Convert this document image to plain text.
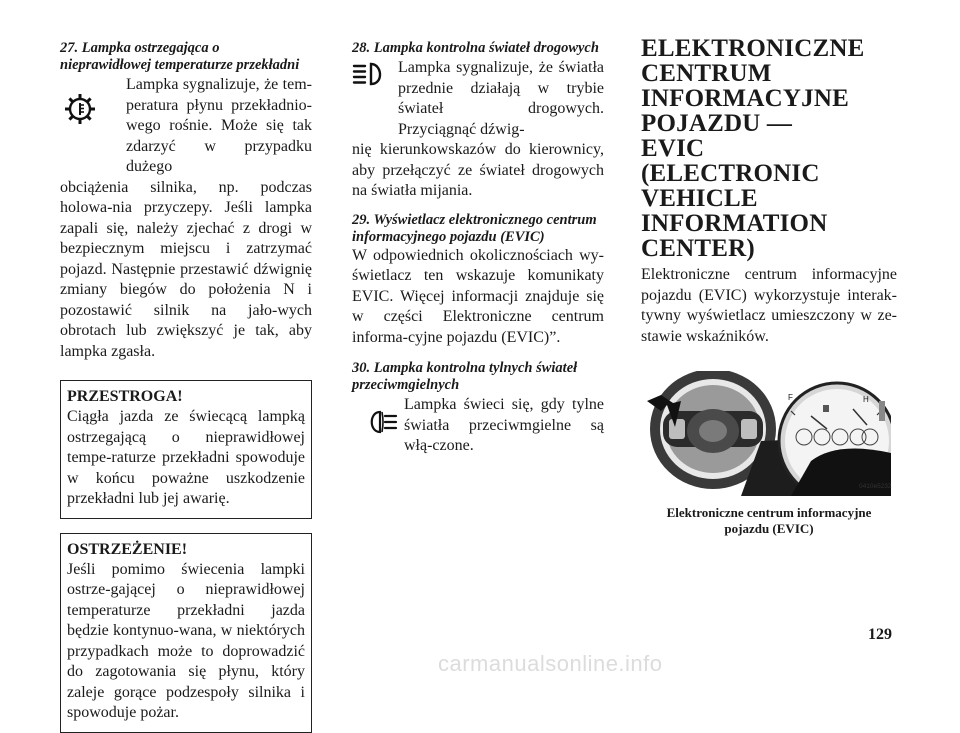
27. Lampka ostrzegająca o nieprawidłowej temperaturze przekładni

Lampka sygnalizuje, że tem-peratura płynu przekładnio-wego rośnie. Może się tak zdarzyć w przypadku dużego

obciążenia silnika, np. podczas holowa-nia przyczepy. Jeśli lampka zapali się, należy zjechać z drogi w bezpiecznym miejscu i zatrzymać pojazd. Następnie przestawić dźwignię zmiany biegów do położenia N i pozostawić silnik na jało-wych obrotach lub zwiększyć je tak, aby lampka zgasła.

PRZESTROGA!

Ciągła jazda ze świecącą lampką ostrzegającą o nieprawidłowej tempe-raturze przekładni spowoduje w końcu poważne uszkodzenie przekładni lub jej awarię.

OSTRZEŻENIE!

Jeśli pomimo świecenia lampki ostrze-gającej o nieprawidłowej temperaturze przekładni jazda będzie kontynuo-wana, w niektórych przypadkach może to doprowadzić do zagotowania się płynu, który zaleje gorące podzespoły silnika i spowoduje pożar.

28. Lampka kontrolna świateł drogowych

Lampka sygnalizuje, że światła przednie działają w trybie świateł drogowych. Przyciągnąć dźwig-

nię kierunkowskazów do kierownicy, aby przełączyć ze świateł drogowych na światła mijania.

29. Wyświetlacz elektronicznego centrum informacyjnego pojazdu (EVIC)

W odpowiednich okolicznościach wy-świetlacz ten wskazuje komunikaty EVIC. Więcej informacji znajduje się w części Elektroniczne centrum informa-cyjne pojazdu (EVIC)”.

30. Lampka kontrolna tylnych świateł przeciwmgielnych

Lampka świeci się, gdy tylne światła przeciwmgielne są włą-czone.

ELEKTRONICZNE CENTRUM INFORMACYJNE POJAZDU — EVIC (ELECTRONIC VEHICLE INFORMATION CENTER)

Elektroniczne centrum informacyjne pojazdu (EVIC) wykorzystuje interak-tywny wyświetlacz umieszczony w ze-stawie wskaźników.

F	H
0410e5232

Elektroniczne centrum informacyjne pojazdu (EVIC)

129
carmanualsonline.info
